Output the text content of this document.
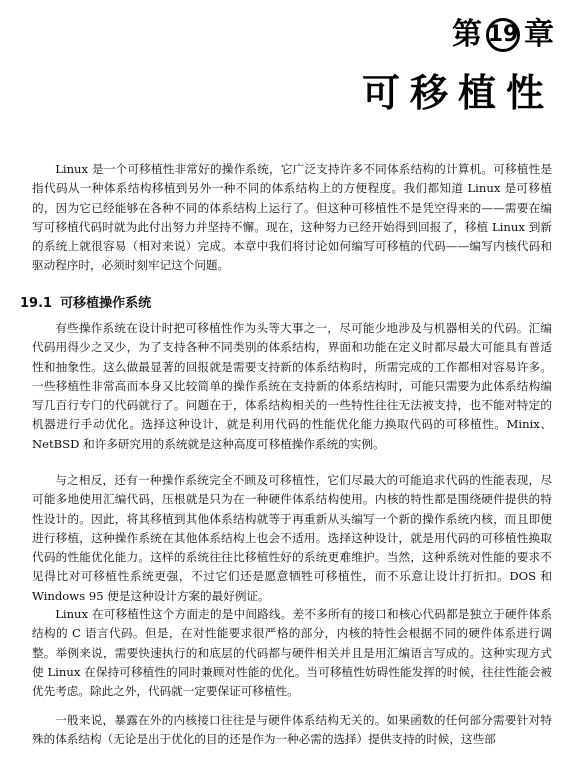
第 19 章
可移植性

Linux 是一个可移植性非常好的操作系统，它广泛支持许多不同体系结构的计算机。可移植性是指代码从一种体系结构移植到另外一种不同的体系结构上的方便程度。我们都知道 Linux 是可移植的，因为它已经能够在各种不同的体系结构上运行了。但这种可移植性不是凭空得来的——需要在编写可移植代码时就为此付出努力并坚持不懈。现在，这种努力已经开始得到回报了，移植 Linux 到新的系统上就很容易（相对来说）完成。本章中我们将讨论如何编写可移植的代码——编写内核代码和驱动程序时，必须时刻牢记这个问题。

19.1 可移植操作系统

有些操作系统在设计时把可移植性作为头等大事之一，尽可能少地涉及与机器相关的代码。汇编代码用得少之又少，为了支持各种不同类别的体系结构，界面和功能在定义时都尽最大可能具有普适性和抽象性。这么做最显著的回报就是需要支持新的体系结构时，所需完成的工作都相对容易许多。一些移植性非常高而本身又比较简单的操作系统在支持新的体系结构时，可能只需要为此体系结构编写几百行专门的代码就行了。问题在于，体系结构相关的一些特性往往无法被支持，也不能对特定的机器进行手动优化。选择这种设计，就是利用代码的性能优化能力换取代码的可移植性。Minix、NetBSD 和许多研究用的系统就是这种高度可移植操作系统的实例。

与之相反，还有一种操作系统完全不顾及可移植性，它们尽最大的可能追求代码的性能表现，尽可能多地使用汇编代码，压根就是只为在一种硬件体系结构使用。内核的特性都是围绕硬件提供的特性设计的。因此，将其移植到其他体系结构就等于再重新从头编写一个新的操作系统内核，而且即便进行移植，这种操作系统在其他体系结构上也会不适用。选择这种设计，就是用代码的可移植性换取代码的性能优化能力。这样的系统往往比移植性好的系统更难维护。当然，这种系统对性能的要求不见得比对可移植性系统更强，不过它们还是愿意牺牲可移植性，而不乐意让设计打折扣。DOS 和 Windows 95 便是这种设计方案的最好例证。

Linux 在可移植性这个方面走的是中间路线。差不多所有的接口和核心代码都是独立于硬件体系结构的 C 语言代码。但是，在对性能要求很严格的部分，内核的特性会根据不同的硬件体系进行调整。举例来说，需要快速执行的和底层的代码都与硬件相关并且是用汇编语言写成的。这种实现方式使 Linux 在保持可移植性的同时兼顾对性能的优化。当可移植性妨碍性能发挥的时候，往往性能会被优先考虑。除此之外，代码就一定要保证可移植性。

一般来说，暴露在外的内核接口往往是与硬件体系结构无关的。如果函数的任何部分需要针对特殊的体系结构（无论是出于优化的目的还是作为一种必需的选择）提供支持的时候，这些部
